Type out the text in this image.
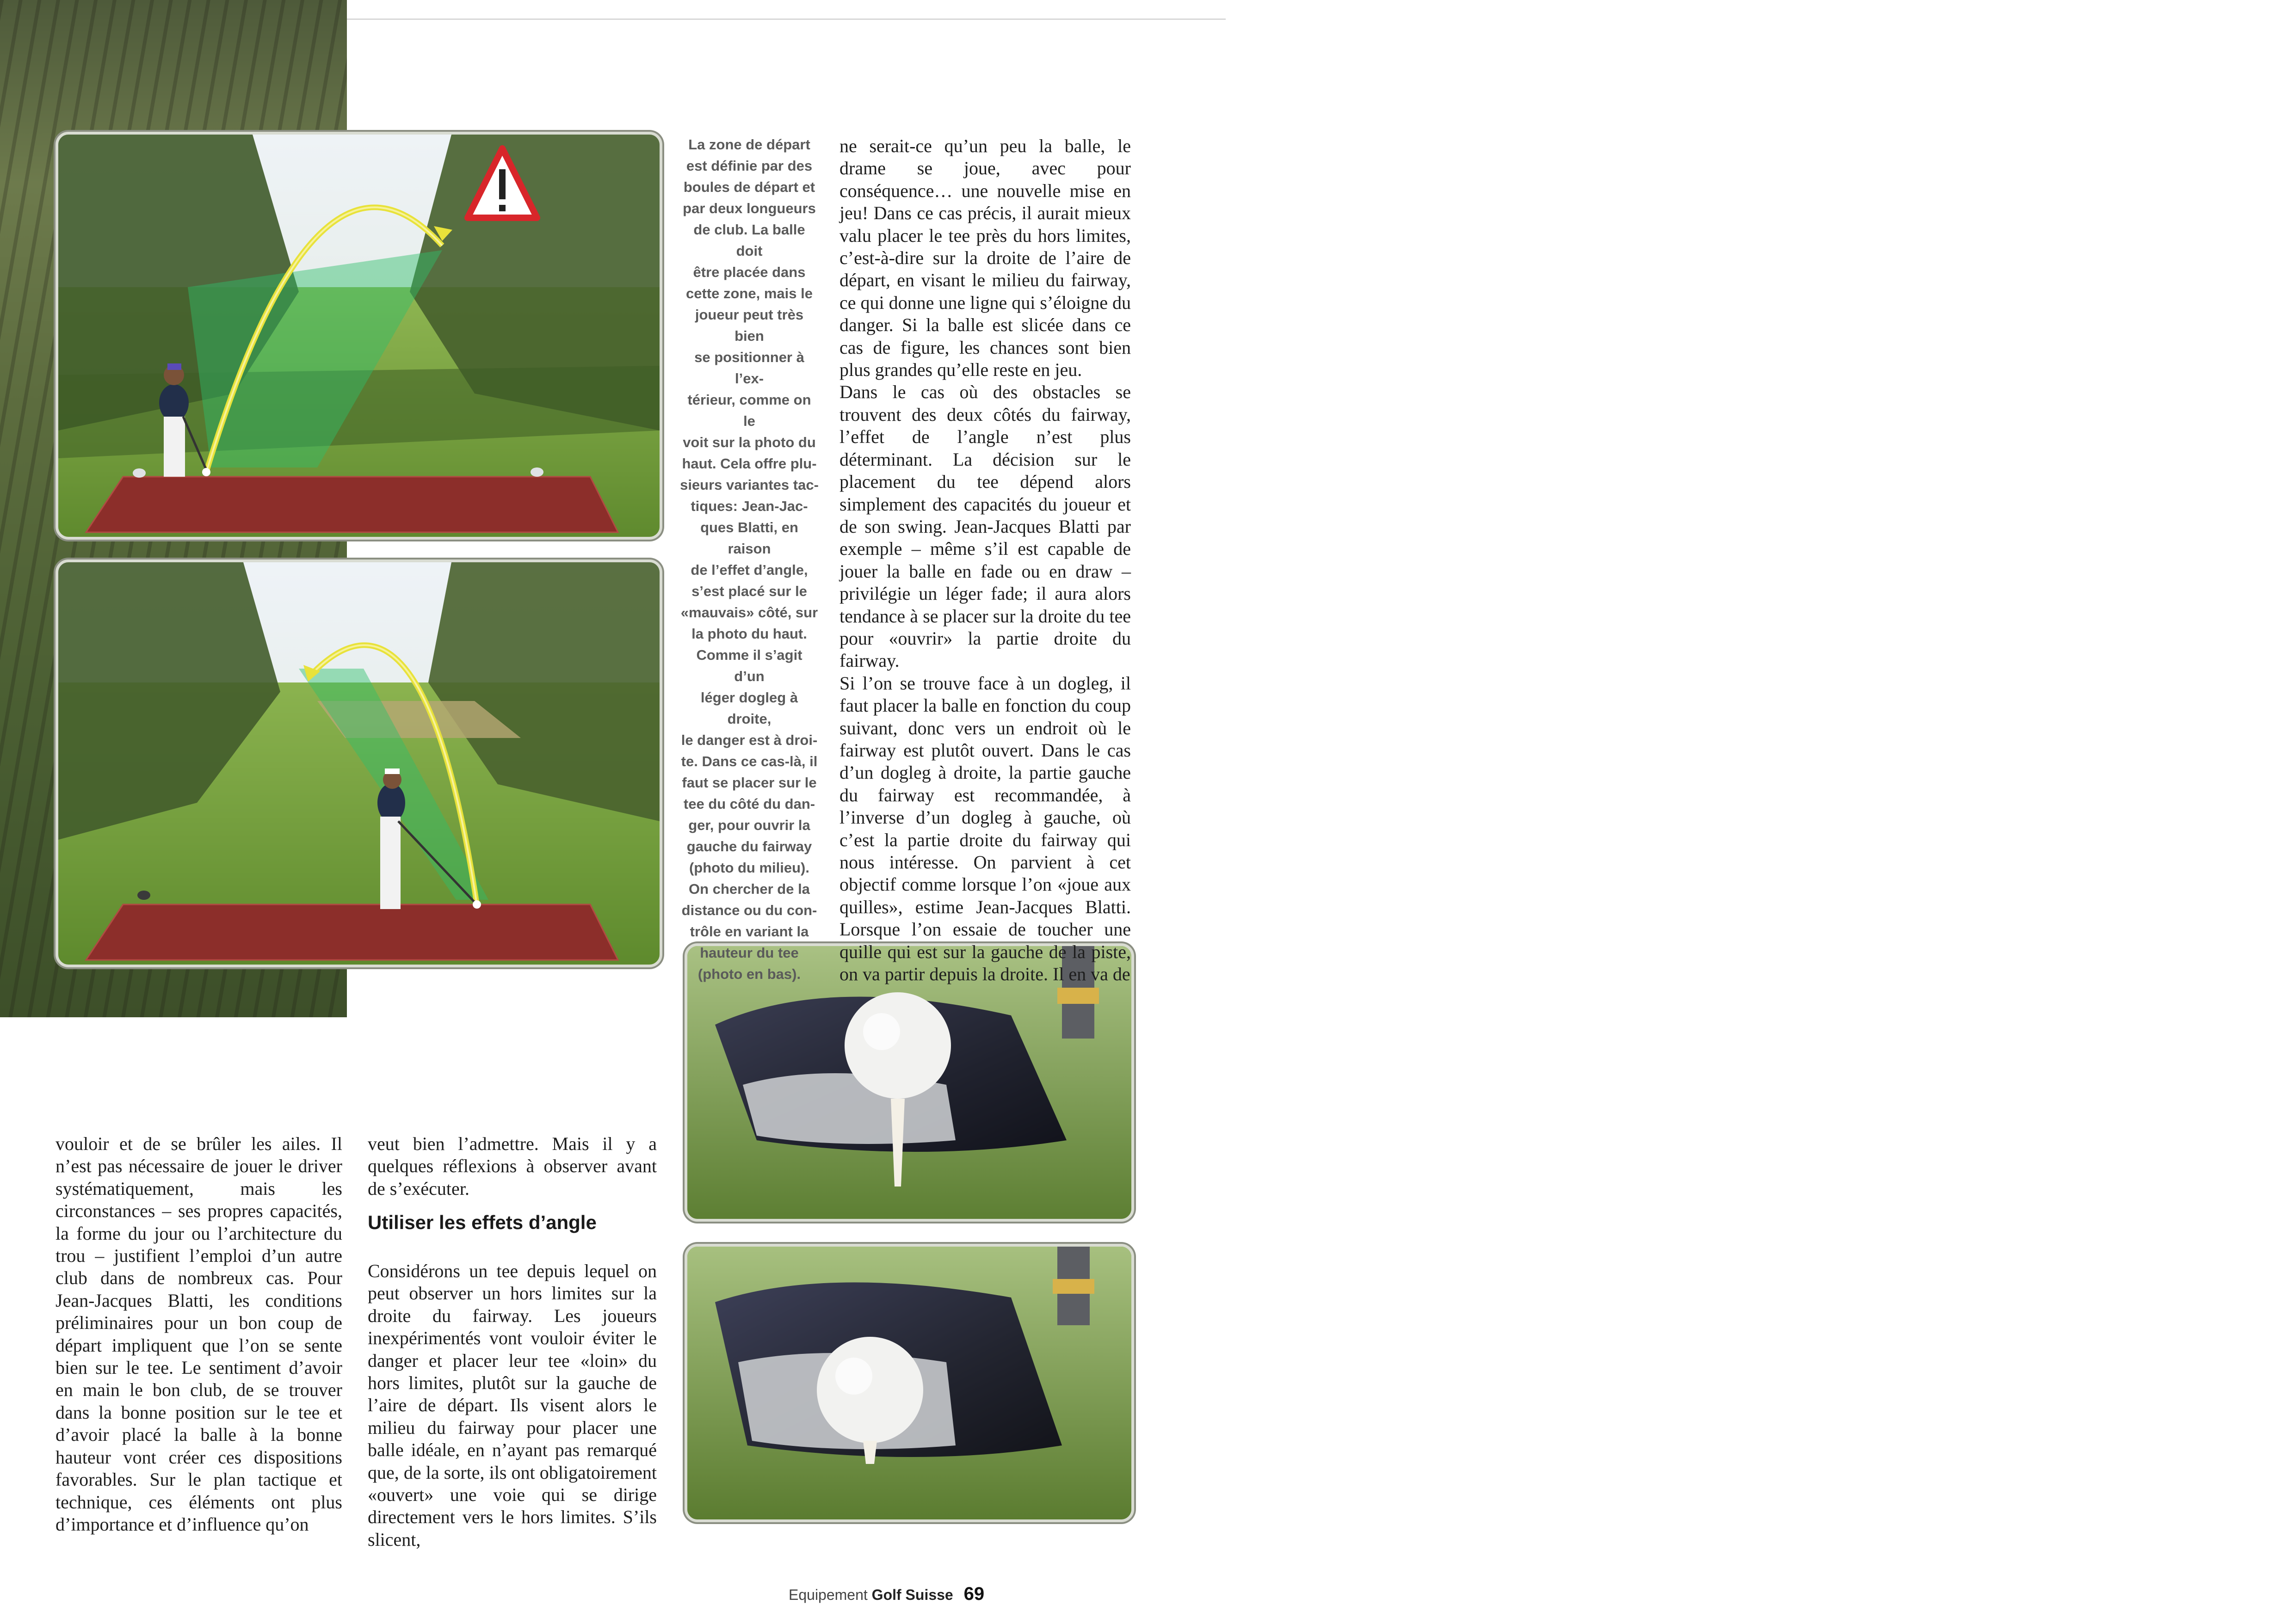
La zone de départ
est définie par des
boules de départ et
par deux longueurs
de club. La balle doit
être placée dans
cette zone, mais le
joueur peut très bien
se positionner à l’ex-
térieur, comme on le
voit sur la photo du
haut. Cela offre plu-
sieurs variantes tac-
tiques: Jean-Jac-
ques Blatti, en raison
de l’effet d’angle,
s’est placé sur le
«mauvais» côté, sur
la photo du haut.
Comme il s’agit d’un
léger dogleg à droite,
le danger est à droi-
te. Dans ce cas-là, il
faut se placer sur le
tee du côté du dan-
ger, pour ouvrir la
gauche du fairway
(photo du milieu).
On chercher de la
distance ou du con-
trôle en variant la
hauteur du tee
(photo en bas).

ne serait-ce qu’un peu la balle, le drame se joue, avec pour conséquence… une nouvelle mise en jeu! Dans ce cas précis, il aurait mieux valu placer le tee près du hors limites, c’est-à-dire sur la droite de l’aire de départ, en visant le milieu du fairway, ce qui donne une ligne qui s’éloigne du danger. Si la balle est slicée dans ce cas de figure, les chances sont bien plus grandes qu’elle reste en jeu.

Dans le cas où des obstacles se trouvent des deux côtés du fairway, l’effet de l’angle n’est plus déterminant. La décision sur le placement du tee dépend alors simplement des capacités du joueur et de son swing. Jean-Jacques Blatti par exemple – même s’il est capable de jouer la balle en fade ou en draw – privilégie un léger fade; il aura alors tendance à se placer sur la droite du tee pour «ouvrir» la partie droite du fairway.

Si l’on se trouve face à un dogleg, il faut placer la balle en fonction du coup suivant, donc vers un endroit où le fairway est plutôt ouvert. Dans le cas d’un dogleg à droite, la partie gauche du fairway est recommandée, à l’inverse d’un dogleg à gauche, où c’est la partie droite du fairway qui nous intéresse. On parvient à cet objectif comme lorsque l’on «joue aux quilles», estime Jean-Jacques Blatti. Lorsque l’on essaie de toucher une quille qui est sur la gauche de la piste, on va partir depuis la droite. Il en va de

vouloir et de se brûler les ailes. Il n’est pas nécessaire de jouer le driver systématiquement, mais les circonstances – ses propres capacités, la forme du jour ou l’architecture du trou – justifient l’emploi d’un autre club dans de nombreux cas. Pour Jean-Jacques Blatti, les conditions préliminaires pour un bon coup de départ impliquent que l’on se sente bien sur le tee. Le sentiment d’avoir en main le bon club, de se trouver dans la bonne position sur le tee et d’avoir placé la balle à la bonne hauteur vont créer ces dispositions favorables. Sur le plan tactique et technique, ces éléments ont plus d’importance et d’influence qu’on

veut bien l’admettre. Mais il y a quelques réflexions à observer avant de s’exécuter.

Utiliser les effets d’angle

Considérons un tee depuis lequel on peut observer un hors limites sur la droite du fairway. Les joueurs inexpérimentés vont vouloir éviter le danger et placer leur tee «loin» du hors limites, plutôt sur la gauche de l’aire de départ. Ils visent alors le milieu du fairway pour placer une balle idéale, en n’ayant pas remarqué que, de la sorte, ils ont obligatoirement «ouvert» une voie qui se dirige directement vers le hors limites. S’ils slicent,

Equipement Golf Suisse 69
